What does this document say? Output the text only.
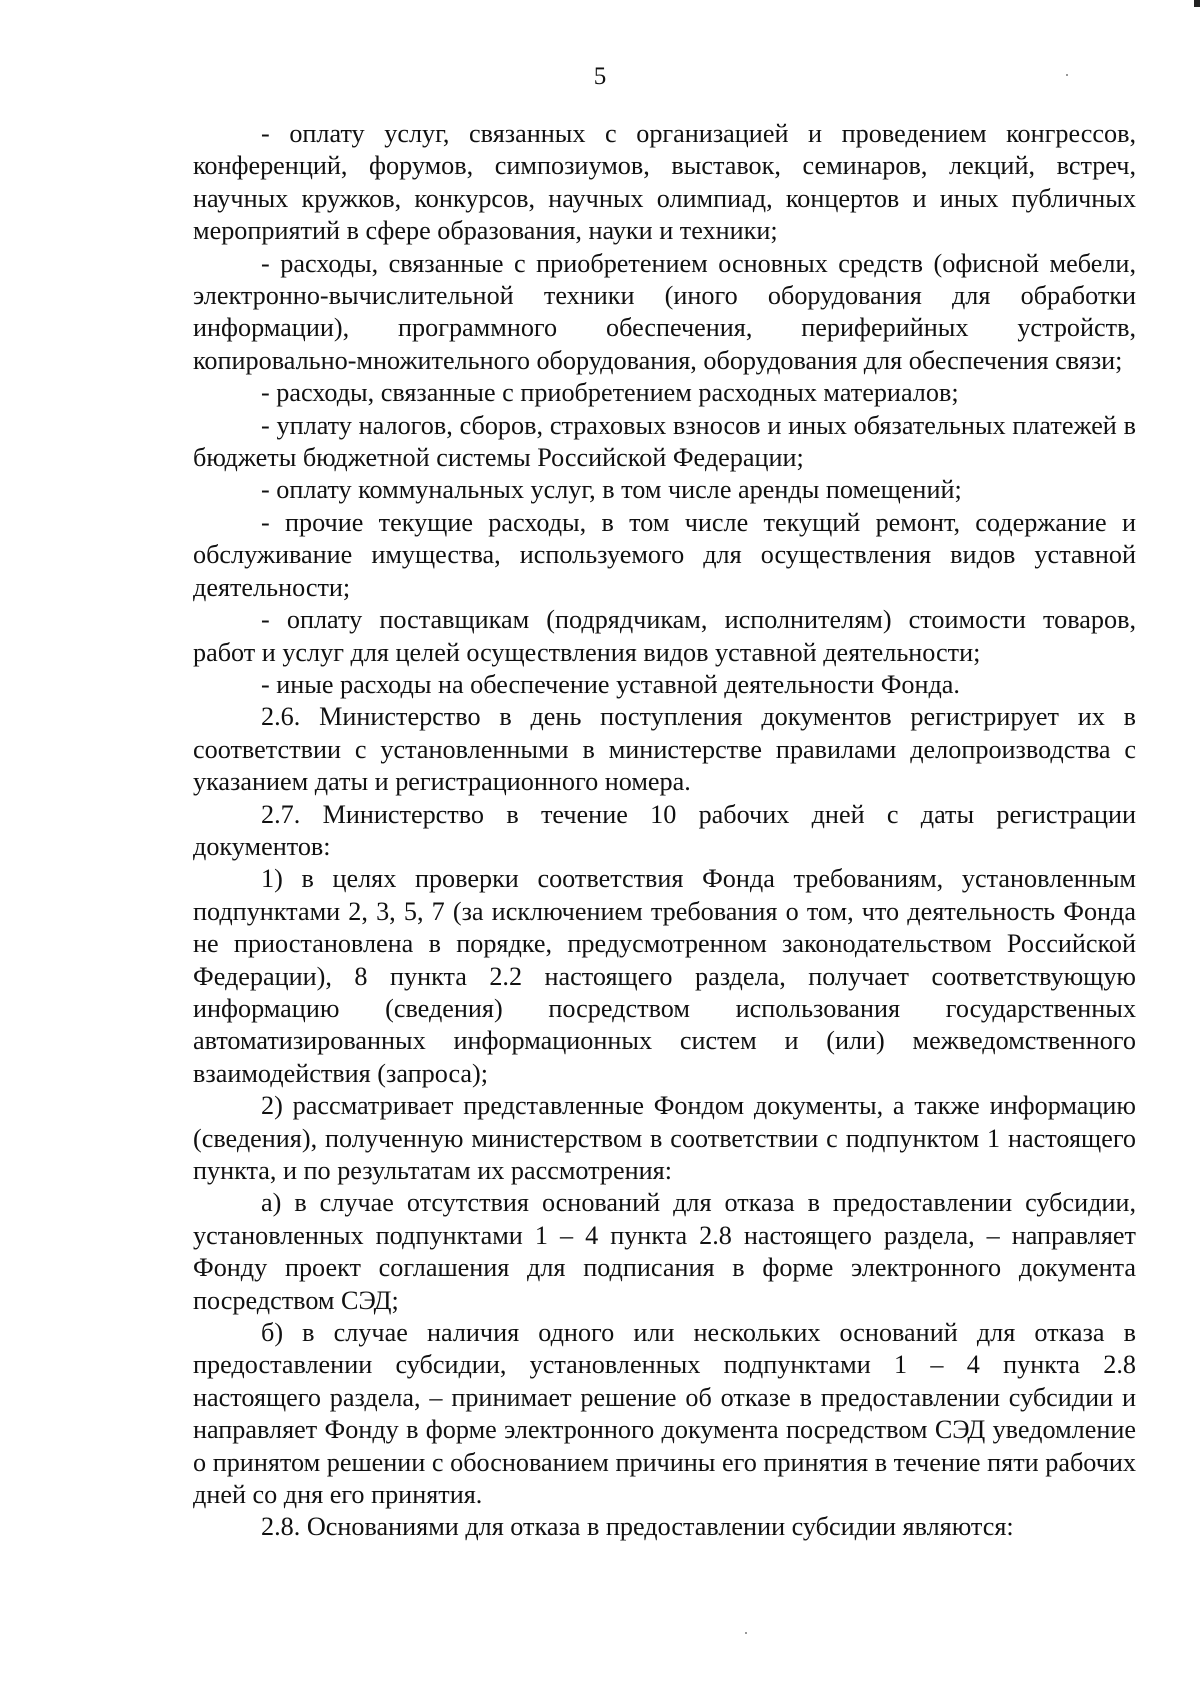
5

- оплату услуг, связанных с организацией и проведением конгрессов, конференций, форумов, симпозиумов, выставок, семинаров, лекций, встреч, научных кружков, конкурсов, научных олимпиад, концертов и иных публичных мероприятий в сфере образования, науки и техники;

- расходы, связанные с приобретением основных средств (офисной мебели, электронно-вычислительной техники (иного оборудования для обработки информации), программного обеспечения, периферийных устройств, копировально-множительного оборудования, оборудования для обеспечения связи;

- расходы, связанные с приобретением расходных материалов;

- уплату налогов, сборов, страховых взносов и иных обязательных платежей в бюджеты бюджетной системы Российской Федерации;

- оплату коммунальных услуг, в том числе аренды помещений;

- прочие текущие расходы, в том числе текущий ремонт, содержание и обслуживание имущества, используемого для осуществления видов уставной деятельности;

- оплату поставщикам (подрядчикам, исполнителям) стоимости товаров, работ и услуг для целей осуществления видов уставной деятельности;

- иные расходы на обеспечение уставной деятельности Фонда.

2.6. Министерство в день поступления документов регистрирует их в соответствии с установленными в министерстве правилами делопроизводства с указанием даты и регистрационного номера.

2.7. Министерство в течение 10 рабочих дней с даты регистрации документов:

1) в целях проверки соответствия Фонда требованиям, установленным подпунктами 2, 3, 5, 7 (за исключением требования о том, что деятельность Фонда не приостановлена в порядке, предусмотренном законодательством Российской Федерации), 8 пункта 2.2 настоящего раздела, получает соответствующую информацию (сведения) посредством использования государственных автоматизированных информационных систем и (или) межведомственного взаимодействия (запроса);

2) рассматривает представленные Фондом документы, а также информацию (сведения), полученную министерством в соответствии с подпунктом 1 настоящего пункта, и по результатам их рассмотрения:

а) в случае отсутствия оснований для отказа в предоставлении субсидии, установленных подпунктами 1 – 4 пункта 2.8 настоящего раздела, – направляет Фонду проект соглашения для подписания в форме электронного документа посредством СЭД;

б) в случае наличия одного или нескольких оснований для отказа в предоставлении субсидии, установленных подпунктами 1 – 4 пункта 2.8 настоящего раздела, – принимает решение об отказе в предоставлении субсидии и направляет Фонду в форме электронного документа посредством СЭД уведомление о принятом решении с обоснованием причины его принятия в течение пяти рабочих дней со дня его принятия.

2.8. Основаниями для отказа в предоставлении субсидии являются:
